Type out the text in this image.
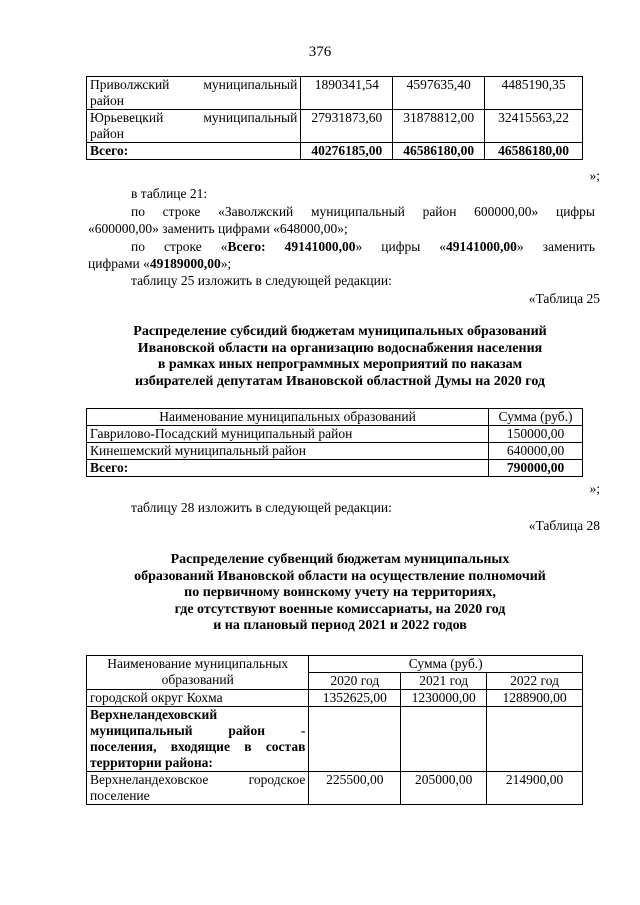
376
Приволжский муниципальный
район	1890341,54	4597635,40	4485190,35

Юрьевецкий муниципальный
район	27931873,60	31878812,00	32415563,22
Всего:	40276185,00	46586180,00	46586180,00
»;
в таблице 21:
по строке «Заволжский муниципальный район 600000,00» цифры
«600000,00» заменить цифрами «648000,00»;
по строке «Всего: 49141000,00» цифры «49141000,00» заменить
цифрами «49189000,00»;
таблицу 25 изложить в следующей редакции:
«Таблица 25
Распределение субсидий бюджетам муниципальных образований
Ивановской области на организацию водоснабжения населения
в рамках иных непрограммных мероприятий по наказам
избирателей депутатам Ивановской областной Думы на 2020 год
Наименование муниципальных образований	Сумма (руб.)
Гаврилово-Посадский муниципальный район	150000,00
Кинешемский муниципальный район	640000,00
Всего:	790000,00
»;
таблицу 28 изложить в следующей редакции:
«Таблица 28
Распределение субвенций бюджетам муниципальных
образований Ивановской области на осуществление полномочий
по первичному воинскому учету на территориях,
где отсутствуют военные комиссариаты, на 2020 год
и на плановый период 2021 и 2022 годов
Наименование муниципальных
образований	Сумма (руб.)		
	2020 год	2021 год	2022 год
городской округ Кохма	1352625,00	1230000,00	1288900,00

Верхнеландеховский
муниципальный район -
поселения, входящие в состав
территории района:			

Верхнеландеховское городское
поселение	225500,00	205000,00	214900,00
